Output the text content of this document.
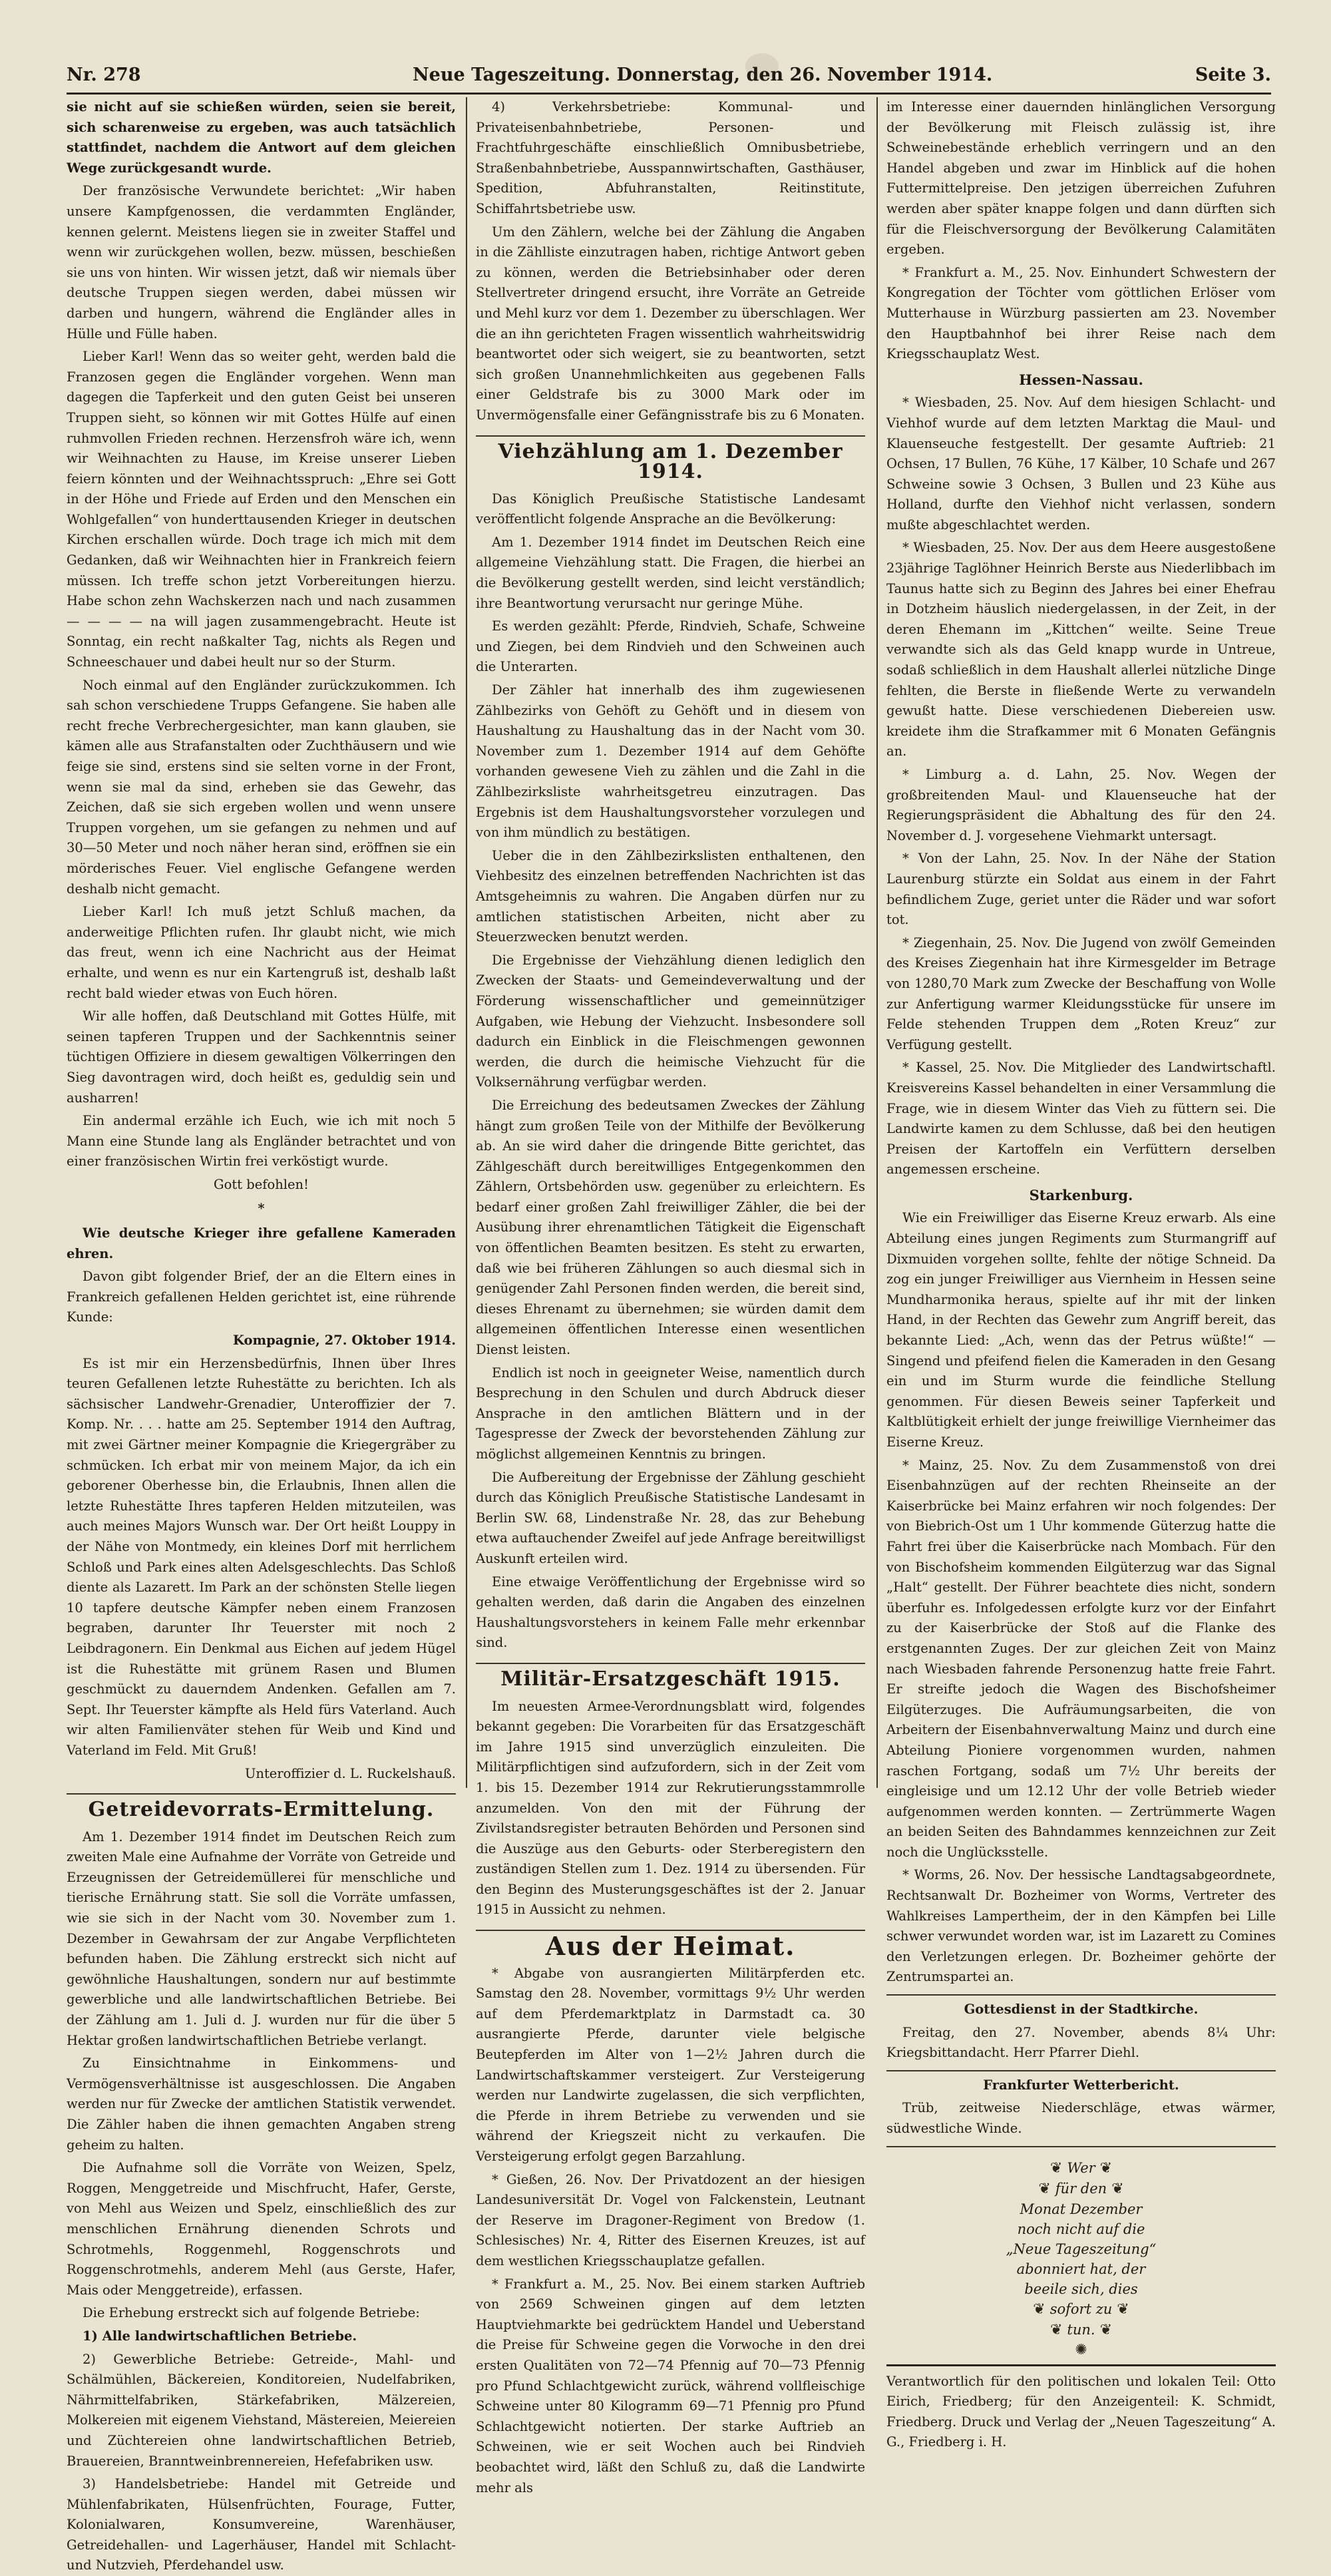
Nr. 278	Neue Tageszeitung. Donnerstag, den 26. November 1914.	Seite 3.

sie nicht auf sie schießen würden, seien sie bereit, sich scharenweise zu ergeben, was auch tatsächlich stattfindet, nachdem die Antwort auf dem gleichen Wege zurückgesandt wurde.

Der französische Verwundete berichtet: „Wir haben unsere Kampfgenossen, die verdammten Engländer, kennen gelernt. Meistens liegen sie in zweiter Staffel und wenn wir zurückgehen wollen, bezw. müssen, beschießen sie uns von hinten. Wir wissen jetzt, daß wir niemals über deutsche Truppen siegen werden, dabei müssen wir darben und hungern, während die Engländer alles in Hülle und Fülle haben.

Lieber Karl! Wenn das so weiter geht, werden bald die Franzosen gegen die Engländer vorgehen. Wenn man dagegen die Tapferkeit und den guten Geist bei unseren Truppen sieht, so können wir mit Gottes Hülfe auf einen ruhmvollen Frieden rechnen. Herzensfroh wäre ich, wenn wir Weihnachten zu Hause, im Kreise unserer Lieben feiern könnten und der Weihnachtsspruch: „Ehre sei Gott in der Höhe und Friede auf Erden und den Menschen ein Wohlgefallen“ von hunderttausenden Krieger in deutschen Kirchen erschallen würde. Doch trage ich mich mit dem Gedanken, daß wir Weihnachten hier in Frankreich feiern müssen. Ich treffe schon jetzt Vorbereitungen hierzu. Habe schon zehn Wachskerzen nach und nach zusammen — — — — na will jagen zusammengebracht. Heute ist Sonntag, ein recht naßkalter Tag, nichts als Regen und Schneeschauer und dabei heult nur so der Sturm.

Noch einmal auf den Engländer zurückzukommen. Ich sah schon verschiedene Trupps Gefangene. Sie haben alle recht freche Verbrechergesichter, man kann glauben, sie kämen alle aus Strafanstalten oder Zuchthäusern und wie feige sie sind, erstens sind sie selten vorne in der Front, wenn sie mal da sind, erheben sie das Gewehr, das Zeichen, daß sie sich ergeben wollen und wenn unsere Truppen vorgehen, um sie gefangen zu nehmen und auf 30—50 Meter und noch näher heran sind, eröffnen sie ein mörderisches Feuer. Viel englische Gefangene werden deshalb nicht gemacht.

Lieber Karl! Ich muß jetzt Schluß machen, da anderweitige Pflichten rufen. Ihr glaubt nicht, wie mich das freut, wenn ich eine Nachricht aus der Heimat erhalte, und wenn es nur ein Kartengruß ist, deshalb laßt recht bald wieder etwas von Euch hören.

Wir alle hoffen, daß Deutschland mit Gottes Hülfe, mit seinen tapferen Truppen und der Sachkenntnis seiner tüchtigen Offiziere in diesem gewaltigen Völkerringen den Sieg davontragen wird, doch heißt es, geduldig sein und ausharren!

Ein andermal erzähle ich Euch, wie ich mit noch 5 Mann eine Stunde lang als Engländer betrachtet und von einer französischen Wirtin frei verköstigt wurde.

Gott befohlen!

*

Wie deutsche Krieger ihre gefallene Kameraden ehren.

Davon gibt folgender Brief, der an die Eltern eines in Frankreich gefallenen Helden gerichtet ist, eine rührende Kunde:

Kompagnie, 27. Oktober 1914.

Es ist mir ein Herzensbedürfnis, Ihnen über Ihres teuren Gefallenen letzte Ruhestätte zu berichten. Ich als sächsischer Landwehr-Grenadier, Unteroffizier der 7. Komp. Nr. . . . hatte am 25. September 1914 den Auftrag, mit zwei Gärtner meiner Kompagnie die Kriegergräber zu schmücken. Ich erbat mir von meinem Major, da ich ein geborener Oberhesse bin, die Erlaubnis, Ihnen allen die letzte Ruhestätte Ihres tapferen Helden mitzuteilen, was auch meines Majors Wunsch war. Der Ort heißt Louppy in der Nähe von Montmedy, ein kleines Dorf mit herrlichem Schloß und Park eines alten Adelsgeschlechts. Das Schloß diente als Lazarett. Im Park an der schönsten Stelle liegen 10 tapfere deutsche Kämpfer neben einem Franzosen begraben, darunter Ihr Teuerster mit noch 2 Leibdragonern. Ein Denkmal aus Eichen auf jedem Hügel ist die Ruhestätte mit grünem Rasen und Blumen geschmückt zu dauerndem Andenken. Gefallen am 7. Sept. Ihr Teuerster kämpfte als Held fürs Vaterland. Auch wir alten Familienväter stehen für Weib und Kind und Vaterland im Feld. Mit Gruß!

Unteroffizier d. L. Ruckelshauß.

Getreidevorrats-Ermittelung.

Am 1. Dezember 1914 findet im Deutschen Reich zum zweiten Male eine Aufnahme der Vorräte von Getreide und Erzeugnissen der Getreidemüllerei für menschliche und tierische Ernährung statt. Sie soll die Vorräte umfassen, wie sie sich in der Nacht vom 30. November zum 1. Dezember in Gewahrsam der zur Angabe Verpflichteten befunden haben. Die Zählung erstreckt sich nicht auf gewöhnliche Haushaltungen, sondern nur auf bestimmte gewerbliche und alle landwirtschaftlichen Betriebe. Bei der Zählung am 1. Juli d. J. wurden nur für die über 5 Hektar großen landwirtschaftlichen Betriebe verlangt.

Zu Einsichtnahme in Einkommens- und Vermögensverhältnisse ist ausgeschlossen. Die Angaben werden nur für Zwecke der amtlichen Statistik verwendet. Die Zähler haben die ihnen gemachten Angaben streng geheim zu halten.

Die Aufnahme soll die Vorräte von Weizen, Spelz, Roggen, Menggetreide und Mischfrucht, Hafer, Gerste, von Mehl aus Weizen und Spelz, einschließlich des zur menschlichen Ernährung dienenden Schrots und Schrotmehls, Roggenmehl, Roggenschrots und Roggenschrotmehls, anderem Mehl (aus Gerste, Hafer, Mais oder Menggetreide), erfassen.

Die Erhebung erstreckt sich auf folgende Betriebe:

1) Alle landwirtschaftlichen Betriebe.

2) Gewerbliche Betriebe: Getreide-, Mahl- und Schälmühlen, Bäckereien, Konditoreien, Nudelfabriken, Nährmittelfabriken, Stärkefabriken, Mälzereien, Molkereien mit eigenem Viehstand, Mästereien, Meiereien und Züchtereien ohne landwirtschaftlichen Betrieb, Brauereien, Branntweinbrennereien, Hefefabriken usw.

3) Handelsbetriebe: Handel mit Getreide und Mühlenfabrikaten, Hülsenfrüchten, Fourage, Futter, Kolonialwaren, Konsumvereine, Warenhäuser, Getreidehallen- und Lagerhäuser, Handel mit Schlacht- und Nutzvieh, Pferdehandel usw.

4) Verkehrsbetriebe: Kommunal- und Privateisenbahnbetriebe, Personen- und Frachtfuhrgeschäfte einschließlich Omnibusbetriebe, Straßenbahnbetriebe, Ausspannwirtschaften, Gasthäuser, Spedition, Abfuhranstalten, Reitinstitute, Schiffahrtsbetriebe usw.

Um den Zählern, welche bei der Zählung die Angaben in die Zählliste einzutragen haben, richtige Antwort geben zu können, werden die Betriebsinhaber oder deren Stellvertreter dringend ersucht, ihre Vorräte an Getreide und Mehl kurz vor dem 1. Dezember zu überschlagen. Wer die an ihn gerichteten Fragen wissentlich wahrheitswidrig beantwortet oder sich weigert, sie zu beantworten, setzt sich großen Unannehmlichkeiten aus gegebenen Falls einer Geldstrafe bis zu 3000 Mark oder im Unvermögensfalle einer Gefängnisstrafe bis zu 6 Monaten.

Viehzählung am 1. Dezember 1914.

Das Königlich Preußische Statistische Landesamt veröffentlicht folgende Ansprache an die Bevölkerung:

Am 1. Dezember 1914 findet im Deutschen Reich eine allgemeine Viehzählung statt. Die Fragen, die hierbei an die Bevölkerung gestellt werden, sind leicht verständlich; ihre Beantwortung verursacht nur geringe Mühe.

Es werden gezählt: Pferde, Rindvieh, Schafe, Schweine und Ziegen, bei dem Rindvieh und den Schweinen auch die Unterarten.

Der Zähler hat innerhalb des ihm zugewiesenen Zählbezirks von Gehöft zu Gehöft und in diesem von Haushaltung zu Haushaltung das in der Nacht vom 30. November zum 1. Dezember 1914 auf dem Gehöfte vorhanden gewesene Vieh zu zählen und die Zahl in die Zählbezirksliste wahrheitsgetreu einzutragen. Das Ergebnis ist dem Haushaltungsvorsteher vorzulegen und von ihm mündlich zu bestätigen.

Ueber die in den Zählbezirkslisten enthaltenen, den Viehbesitz des einzelnen betreffenden Nachrichten ist das Amtsgeheimnis zu wahren. Die Angaben dürfen nur zu amtlichen statistischen Arbeiten, nicht aber zu Steuerzwecken benutzt werden.

Die Ergebnisse der Viehzählung dienen lediglich den Zwecken der Staats- und Gemeindeverwaltung und der Förderung wissenschaftlicher und gemeinnütziger Aufgaben, wie Hebung der Viehzucht. Insbesondere soll dadurch ein Einblick in die Fleischmengen gewonnen werden, die durch die heimische Viehzucht für die Volksernährung verfügbar werden.

Die Erreichung des bedeutsamen Zweckes der Zählung hängt zum großen Teile von der Mithilfe der Bevölkerung ab. An sie wird daher die dringende Bitte gerichtet, das Zählgeschäft durch bereitwilliges Entgegenkommen den Zählern, Ortsbehörden usw. gegenüber zu erleichtern. Es bedarf einer großen Zahl freiwilliger Zähler, die bei der Ausübung ihrer ehrenamtlichen Tätigkeit die Eigenschaft von öffentlichen Beamten besitzen. Es steht zu erwarten, daß wie bei früheren Zählungen so auch diesmal sich in genügender Zahl Personen finden werden, die bereit sind, dieses Ehrenamt zu übernehmen; sie würden damit dem allgemeinen öffentlichen Interesse einen wesentlichen Dienst leisten.

Endlich ist noch in geeigneter Weise, namentlich durch Besprechung in den Schulen und durch Abdruck dieser Ansprache in den amtlichen Blättern und in der Tagespresse der Zweck der bevorstehenden Zählung zur möglichst allgemeinen Kenntnis zu bringen.

Die Aufbereitung der Ergebnisse der Zählung geschieht durch das Königlich Preußische Statistische Landesamt in Berlin SW. 68, Lindenstraße Nr. 28, das zur Behebung etwa auftauchender Zweifel auf jede Anfrage bereitwilligst Auskunft erteilen wird.

Eine etwaige Veröffentlichung der Ergebnisse wird so gehalten werden, daß darin die Angaben des einzelnen Haushaltungsvorstehers in keinem Falle mehr erkennbar sind.

Militär-Ersatzgeschäft 1915.

Im neuesten Armee-Verordnungsblatt wird, folgendes bekannt gegeben: Die Vorarbeiten für das Ersatzgeschäft im Jahre 1915 sind unverzüglich einzuleiten. Die Militärpflichtigen sind aufzufordern, sich in der Zeit vom 1. bis 15. Dezember 1914 zur Rekrutierungsstammrolle anzumelden. Von den mit der Führung der Zivilstandsregister betrauten Behörden und Personen sind die Auszüge aus den Geburts- oder Sterberegistern den zuständigen Stellen zum 1. Dez. 1914 zu übersenden. Für den Beginn des Musterungsgeschäftes ist der 2. Januar 1915 in Aussicht zu nehmen.

Aus der Heimat.

* Abgabe von ausrangierten Militärpferden etc. Samstag den 28. November, vormittags 9½ Uhr werden auf dem Pferdemarktplatz in Darmstadt ca. 30 ausrangierte Pferde, darunter viele belgische Beutepferden im Alter von 1—2½ Jahren durch die Landwirtschaftskammer versteigert. Zur Versteigerung werden nur Landwirte zugelassen, die sich verpflichten, die Pferde in ihrem Betriebe zu verwenden und sie während der Kriegszeit nicht zu verkaufen. Die Versteigerung erfolgt gegen Barzahlung.

* Gießen, 26. Nov. Der Privatdozent an der hiesigen Landesuniversität Dr. Vogel von Falckenstein, Leutnant der Reserve im Dragoner-Regiment von Bredow (1. Schlesisches) Nr. 4, Ritter des Eisernen Kreuzes, ist auf dem westlichen Kriegsschauplatze gefallen.

* Frankfurt a. M., 25. Nov. Bei einem starken Auftrieb von 2569 Schweinen gingen auf dem letzten Hauptviehmarkte bei gedrücktem Handel und Ueberstand die Preise für Schweine gegen die Vorwoche in den drei ersten Qualitäten von 72—74 Pfennig auf 70—73 Pfennig pro Pfund Schlachtgewicht zurück, während vollfleischige Schweine unter 80 Kilogramm 69—71 Pfennig pro Pfund Schlachtgewicht notierten. Der starke Auftrieb an Schweinen, wie er seit Wochen auch bei Rindvieh beobachtet wird, läßt den Schluß zu, daß die Landwirte mehr als

im Interesse einer dauernden hinlänglichen Versorgung der Bevölkerung mit Fleisch zulässig ist, ihre Schweinebestände erheblich verringern und an den Handel abgeben und zwar im Hinblick auf die hohen Futtermittelpreise. Den jetzigen überreichen Zufuhren werden aber später knappe folgen und dann dürften sich für die Fleischversorgung der Bevölkerung Calamitäten ergeben.

* Frankfurt a. M., 25. Nov. Einhundert Schwestern der Kongregation der Töchter vom göttlichen Erlöser vom Mutterhause in Würzburg passierten am 23. November den Hauptbahnhof bei ihrer Reise nach dem Kriegsschauplatz West.

Hessen-Nassau.

* Wiesbaden, 25. Nov. Auf dem hiesigen Schlacht- und Viehhof wurde auf dem letzten Marktag die Maul- und Klauenseuche festgestellt. Der gesamte Auftrieb: 21 Ochsen, 17 Bullen, 76 Kühe, 17 Kälber, 10 Schafe und 267 Schweine sowie 3 Ochsen, 3 Bullen und 23 Kühe aus Holland, durfte den Viehhof nicht verlassen, sondern mußte abgeschlachtet werden.

* Wiesbaden, 25. Nov. Der aus dem Heere ausgestoßene 23jährige Taglöhner Heinrich Berste aus Niederlibbach im Taunus hatte sich zu Beginn des Jahres bei einer Ehefrau in Dotzheim häuslich niedergelassen, in der Zeit, in der deren Ehemann im „Kittchen“ weilte. Seine Treue verwandte sich als das Geld knapp wurde in Untreue, sodaß schließlich in dem Haushalt allerlei nützliche Dinge fehlten, die Berste in fließende Werte zu verwandeln gewußt hatte. Diese verschiedenen Diebereien usw. kreidete ihm die Strafkammer mit 6 Monaten Gefängnis an.

* Limburg a. d. Lahn, 25. Nov. Wegen der großbreitenden Maul- und Klauenseuche hat der Regierungspräsident die Abhaltung des für den 24. November d. J. vorgesehene Viehmarkt untersagt.

* Von der Lahn, 25. Nov. In der Nähe der Station Laurenburg stürzte ein Soldat aus einem in der Fahrt befindlichem Zuge, geriet unter die Räder und war sofort tot.

* Ziegenhain, 25. Nov. Die Jugend von zwölf Gemeinden des Kreises Ziegenhain hat ihre Kirmesgelder im Betrage von 1280,70 Mark zum Zwecke der Beschaffung von Wolle zur Anfertigung warmer Kleidungsstücke für unsere im Felde stehenden Truppen dem „Roten Kreuz“ zur Verfügung gestellt.

* Kassel, 25. Nov. Die Mitglieder des Landwirtschaftl. Kreisvereins Kassel behandelten in einer Versammlung die Frage, wie in diesem Winter das Vieh zu füttern sei. Die Landwirte kamen zu dem Schlusse, daß bei den heutigen Preisen der Kartoffeln ein Verfüttern derselben angemessen erscheine.

Starkenburg.

Wie ein Freiwilliger das Eiserne Kreuz erwarb. Als eine Abteilung eines jungen Regiments zum Sturmangriff auf Dixmuiden vorgehen sollte, fehlte der nötige Schneid. Da zog ein junger Freiwilliger aus Viernheim in Hessen seine Mundharmonika heraus, spielte auf ihr mit der linken Hand, in der Rechten das Gewehr zum Angriff bereit, das bekannte Lied: „Ach, wenn das der Petrus wüßte!“ — Singend und pfeifend fielen die Kameraden in den Gesang ein und im Sturm wurde die feindliche Stellung genommen. Für diesen Beweis seiner Tapferkeit und Kaltblütigkeit erhielt der junge freiwillige Viernheimer das Eiserne Kreuz.

* Mainz, 25. Nov. Zu dem Zusammenstoß von drei Eisenbahnzügen auf der rechten Rheinseite an der Kaiserbrücke bei Mainz erfahren wir noch folgendes: Der von Biebrich-Ost um 1 Uhr kommende Güterzug hatte die Fahrt frei über die Kaiserbrücke nach Mombach. Für den von Bischofsheim kommenden Eilgüterzug war das Signal „Halt“ gestellt. Der Führer beachtete dies nicht, sondern überfuhr es. Infolgedessen erfolgte kurz vor der Einfahrt zu der Kaiserbrücke der Stoß auf die Flanke des erstgenannten Zuges. Der zur gleichen Zeit von Mainz nach Wiesbaden fahrende Personenzug hatte freie Fahrt. Er streifte jedoch die Wagen des Bischofsheimer Eilgüterzuges. Die Aufräumungsarbeiten, die von Arbeitern der Eisenbahnverwaltung Mainz und durch eine Abteilung Pioniere vorgenommen wurden, nahmen raschen Fortgang, sodaß um 7½ Uhr bereits der eingleisige und um 12.12 Uhr der volle Betrieb wieder aufgenommen werden konnten. — Zertrümmerte Wagen an beiden Seiten des Bahndammes kennzeichnen zur Zeit noch die Unglücksstelle.

* Worms, 26. Nov. Der hessische Landtagsabgeordnete, Rechtsanwalt Dr. Bozheimer von Worms, Vertreter des Wahlkreises Lampertheim, der in den Kämpfen bei Lille schwer verwundet worden war, ist im Lazarett zu Comines den Verletzungen erlegen. Dr. Bozheimer gehörte der Zentrumspartei an.

Gottesdienst in der Stadtkirche.

Freitag, den 27. November, abends 8¼ Uhr: Kriegsbittandacht. Herr Pfarrer Diehl.

Frankfurter Wetterbericht.

Trüb, zeitweise Niederschläge, etwas wärmer, südwestliche Winde.

❦ Wer ❦
❦ für den ❦
Monat Dezember
noch nicht auf die
„Neue Tageszeitung“
abonniert hat, der
beeile sich, dies
❦ sofort zu ❦
❦ tun. ❦
✺

Verantwortlich für den politischen und lokalen Teil: Otto Eirich, Friedberg; für den Anzeigenteil: K. Schmidt, Friedberg. Druck und Verlag der „Neuen Tageszeitung“ A. G., Friedberg i. H.
